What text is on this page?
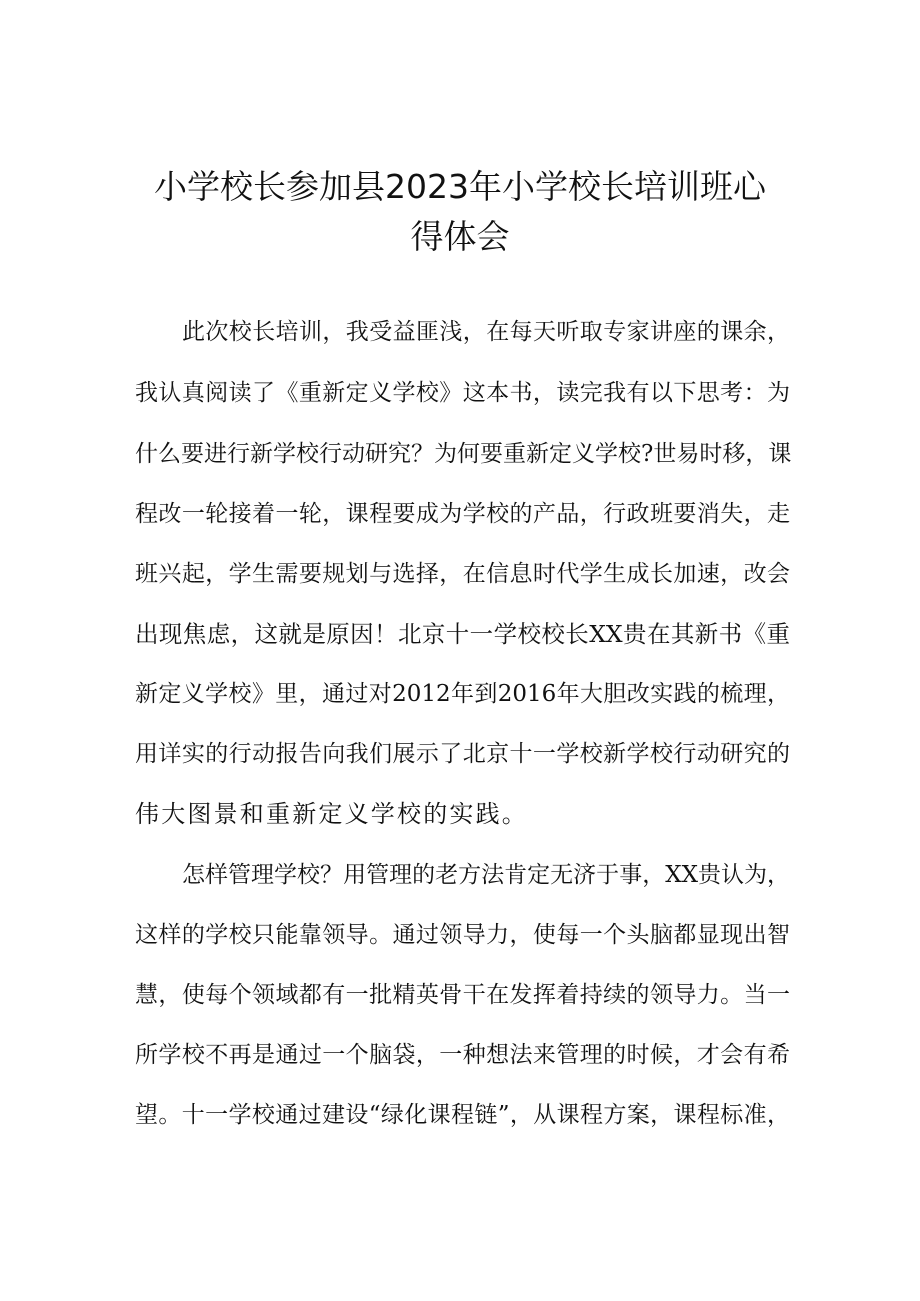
小学校长参加县2023年小学校长培训班心
得体会
此次校长培训，我受益匪浅，在每天听取专家讲座的课余，
我认真阅读了《重新定义学校》这本书，读完我有以下思考：为
什么要进行新学校行动研究？为何要重新定义学校?世易时移，课
程改一轮接着一轮，课程要成为学校的产品，行政班要消失，走
班兴起，学生需要规划与选择，在信息时代学生成长加速，改会
出现焦虑，这就是原因！北京十一学校校长XX贵在其新书《重
新定义学校》里，通过对2012年到2016年大胆改实践的梳理，
用详实的行动报告向我们展示了北京十一学校新学校行动研究的
伟大图景和重新定义学校的实践。
怎样管理学校？用管理的老方法肯定无济于事，XX贵认为，
这样的学校只能靠领导。通过领导力，使每一个头脑都显现出智
慧，使每个领域都有一批精英骨干在发挥着持续的领导力。当一
所学校不再是通过一个脑袋，一种想法来管理的时候，才会有希
望。十一学校通过建设“绿化课程链”，从课程方案，课程标准，
